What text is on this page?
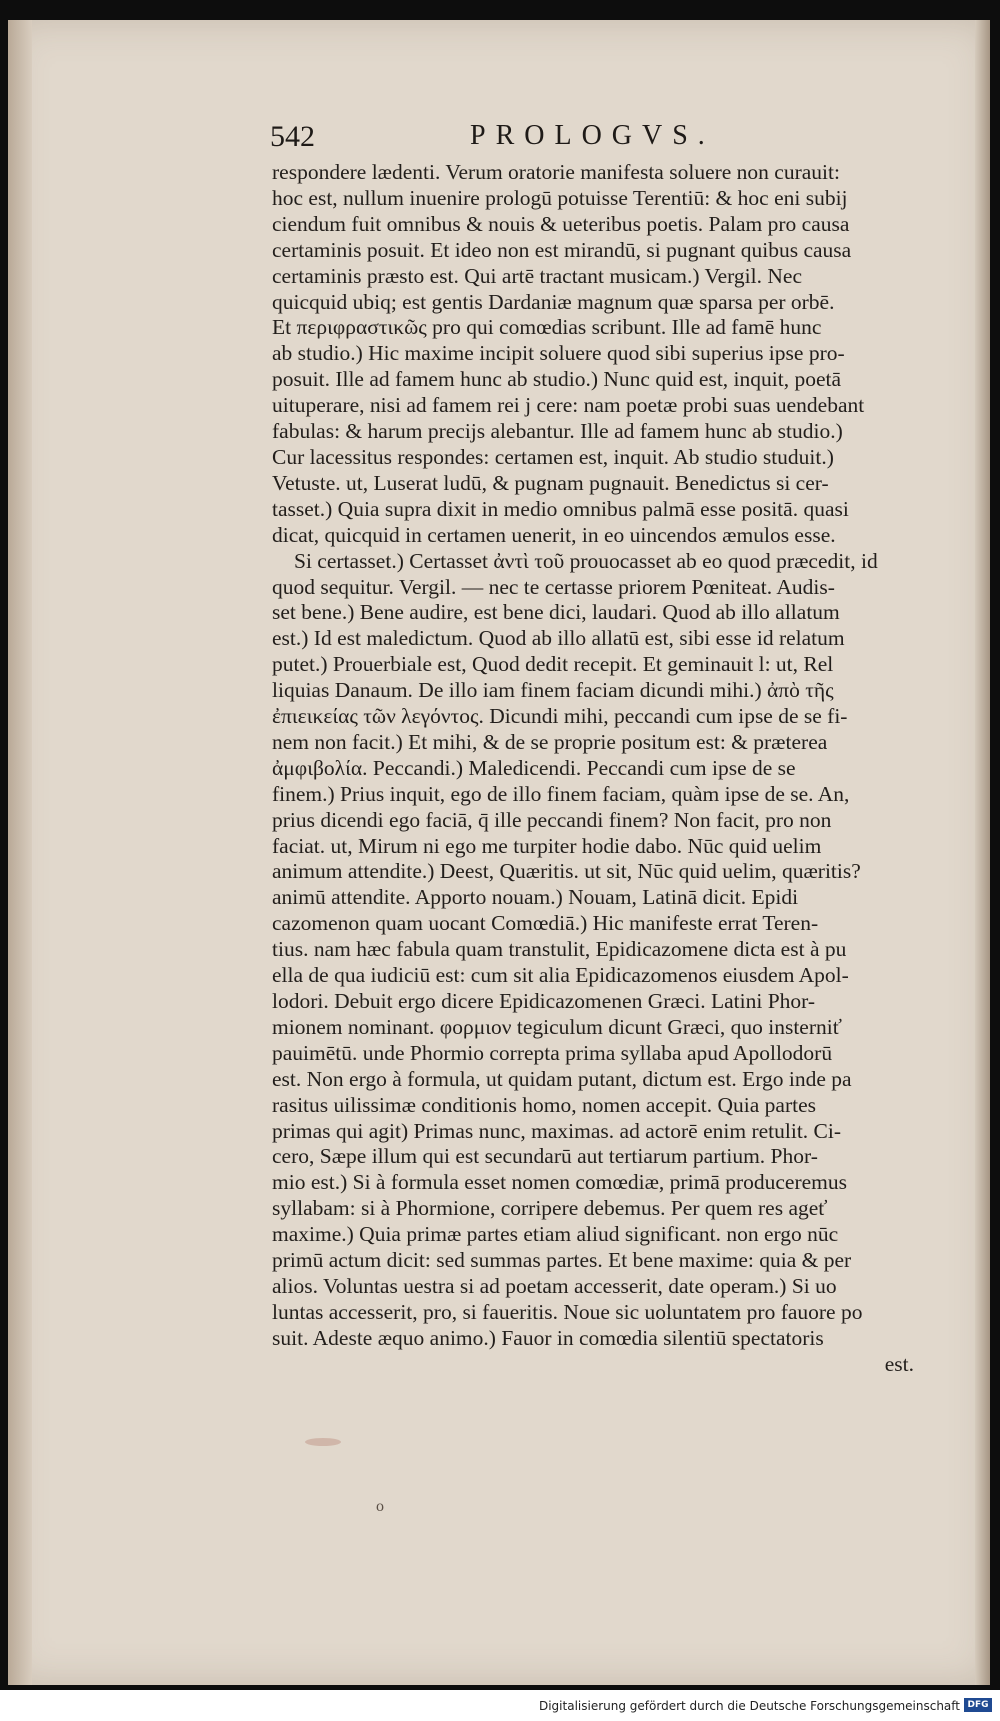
542	PROLOGVS.
respondere lædenti. Verum oratorie manifesta soluere non curauit:
hoc est, nullum inuenire prologū potuisse Terentiū: & hoc eni subij
ciendum fuit omnibus & nouis & ueteribus poetis. Palam pro causa
certaminis posuit. Et ideo non est mirandū, si pugnant quibus causa
certaminis præsto est. Qui artē tractant musicam.) Vergil. Nec
quicquid ubiq; est gentis Dardaniæ magnum quæ sparsa per orbē.
Et περιφραστικῶς pro qui comœdias scribunt. Ille ad famē hunc
ab studio.) Hic maxime incipit soluere quod sibi superius ipse pro-
posuit. Ille ad famem hunc ab studio.) Nunc quid est, inquit, poetā
uituperare, nisi ad famem rei j cere: nam poetæ probi suas uendebant
fabulas: & harum precijs alebantur. Ille ad famem hunc ab studio.)
Cur lacessitus respondes: certamen est, inquit. Ab studio studuit.)
Vetuste. ut, Luserat ludū, & pugnam pugnauit. Benedictus si cer-
tasset.) Quia supra dixit in medio omnibus palmā esse positā. quasi
dicat, quicquid in certamen uenerit, in eo uincendos æmulos esse.
Si certasset.) Certasset ἀντὶ τοῦ prouocasset ab eo quod præcedit, id
quod sequitur. Vergil. — nec te certasse priorem Pœniteat. Audis-
set bene.) Bene audire, est bene dici, laudari. Quod ab illo allatum
est.) Id est maledictum. Quod ab illo allatū est, sibi esse id relatum
putet.) Prouerbiale est, Quod dedit recepit. Et geminauit l: ut, Rel
liquias Danaum. De illo iam finem faciam dicundi mihi.) ἀπὸ τῆς
ἐπιεικείας τῶν λεγόντος. Dicundi mihi, peccandi cum ipse de se fi-
nem non facit.) Et mihi, & de se proprie positum est: & præterea
ἀμφιβολία. Peccandi.) Maledicendi. Peccandi cum ipse de se
finem.) Prius inquit, ego de illo finem faciam, quàm ipse de se. An,
prius dicendi ego faciā, q̄ ille peccandi finem? Non facit, pro non
faciat. ut, Mirum ni ego me turpiter hodie dabo. Nūc quid uelim
animum attendite.) Deest, Quæritis. ut sit, Nūc quid uelim, quæritis?
animū attendite. Apporto nouam.) Nouam, Latinā dicit. Epidi
cazomenon quam uocant Comœdiā.) Hic manifeste errat Teren-
tius. nam hæc fabula quam transtulit, Epidicazomene dicta est à pu
ella de qua iudiciū est: cum sit alia Epidicazomenos eiusdem Apol-
lodori. Debuit ergo dicere Epidicazomenen Græci. Latini Phor-
mionem nominant. φορμιον tegiculum dicunt Græci, quo insterniť
pauimētū. unde Phormio correpta prima syllaba apud Apollodorū
est. Non ergo à formula, ut quidam putant, dictum est. Ergo inde pa
rasitus uilissimæ conditionis homo, nomen accepit. Quia partes
primas qui agit) Primas nunc, maximas. ad actorē enim retulit. Ci-
cero, Sæpe illum qui est secundarū aut tertiarum partium. Phor-
mio est.) Si à formula esset nomen comœdiæ, primā produceremus
syllabam: si à Phormione, corripere debemus. Per quem res ageť
maxime.) Quia primæ partes etiam aliud significant. non ergo nūc
primū actum dicit: sed summas partes. Et bene maxime: quia & per
alios. Voluntas uestra si ad poetam accesserit, date operam.) Si uo
luntas accesserit, pro, si faueritis. Noue sic uoluntatem pro fauore po
suit. Adeste æquo animo.) Fauor in comœdia silentiū spectatoris
est.
o
Digitalisierung gefördert durch die Deutsche Forschungsgemeinschaft DFG
